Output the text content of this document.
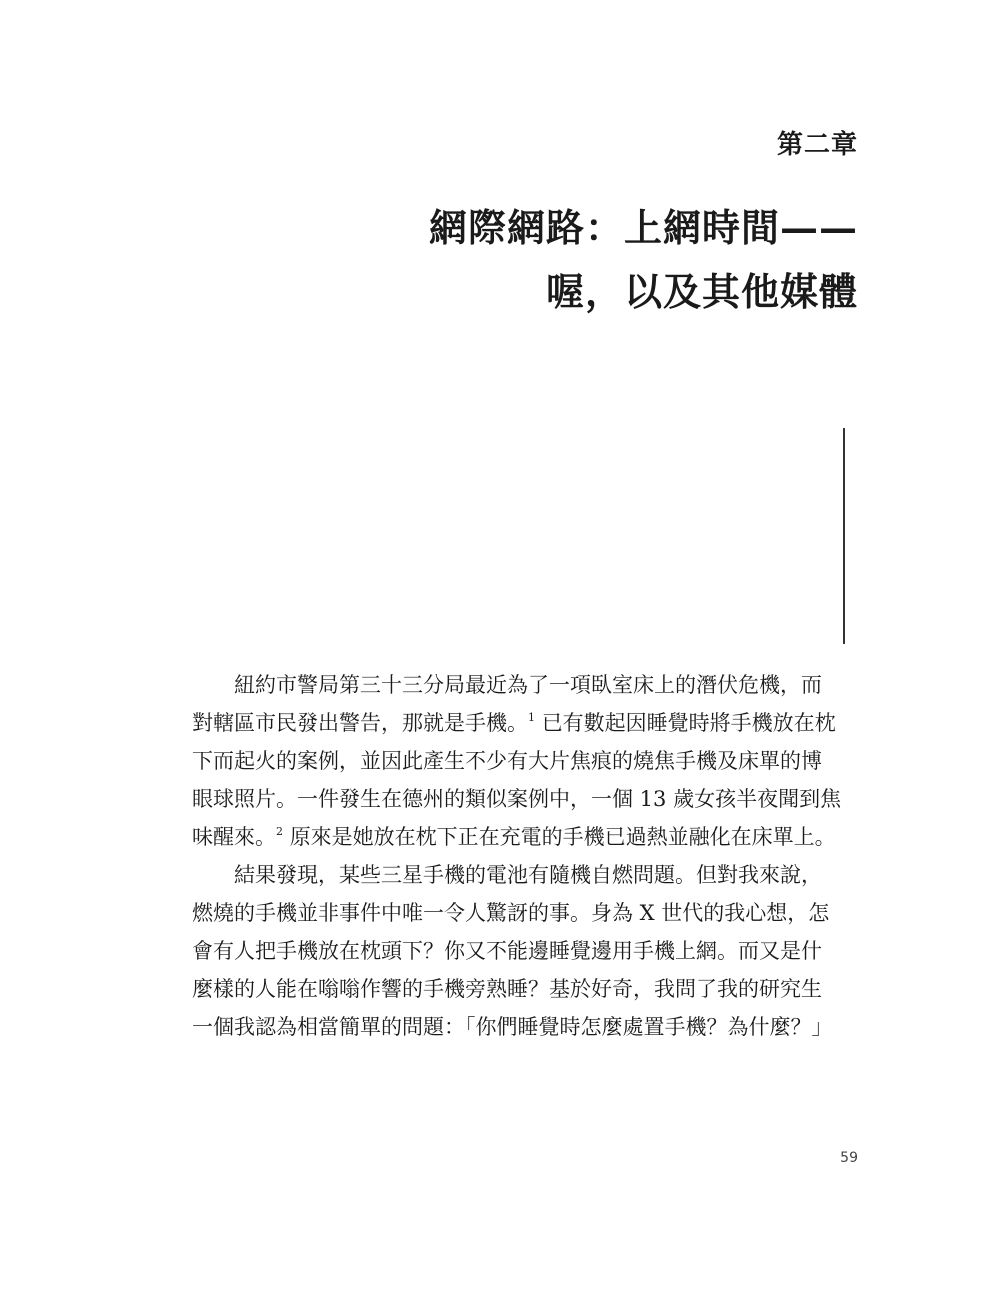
第二章
網際網路：上網時間——
喔，以及其他媒體

紐約市警局第三十三分局最近為了一項臥室床上的潛伏危機，而

對轄區市民發出警告，那就是手機。$^1$ 已有數起因睡覺時將手機放在枕

下而起火的案例，並因此產生不少有大片焦痕的燒焦手機及床單的博

眼球照片。一件發生在德州的類似案例中，一個 13 歲女孩半夜聞到焦

味醒來。$^2$ 原來是她放在枕下正在充電的手機已過熱並融化在床單上。

結果發現，某些三星手機的電池有隨機自燃問題。但對我來說，

燃燒的手機並非事件中唯一令人驚訝的事。身為 X 世代的我心想，怎

會有人把手機放在枕頭下？你又不能邊睡覺邊用手機上網。而又是什

麼樣的人能在嗡嗡作響的手機旁熟睡？基於好奇，我問了我的研究生

一個我認為相當簡單的問題：「你們睡覺時怎麼處置手機？為什麼？」

59
